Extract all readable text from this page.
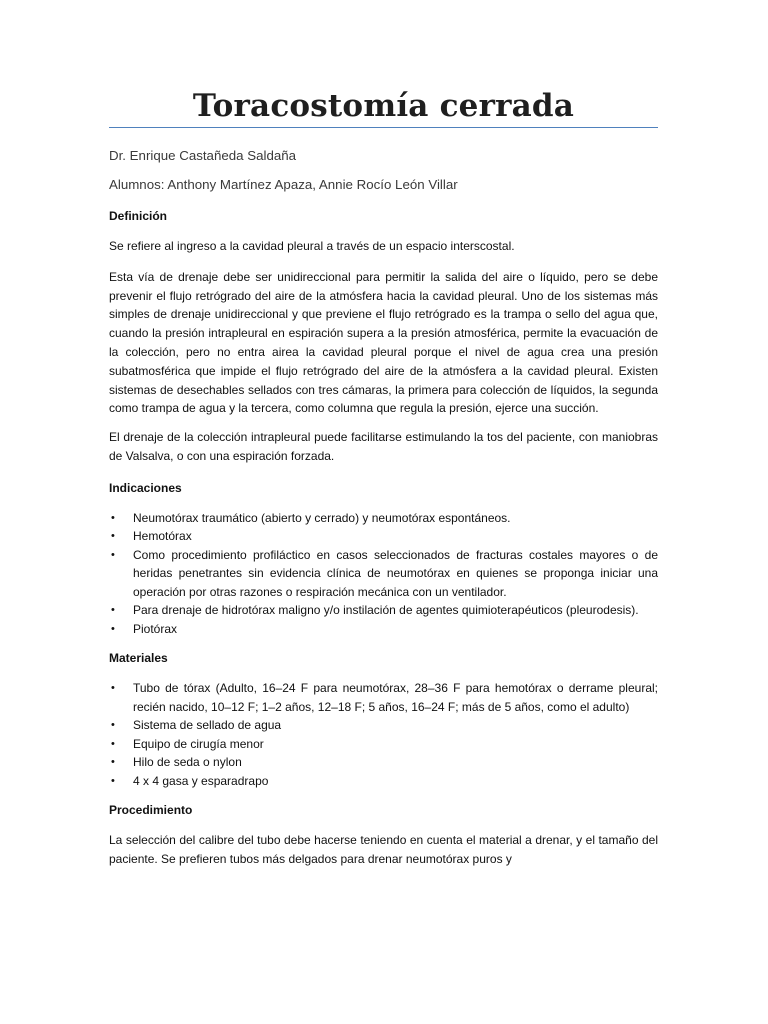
Toracostomía cerrada

Dr. Enrique Castañeda Saldaña

Alumnos: Anthony Martínez Apaza, Annie Rocío León Villar

Definición

Se refiere al ingreso a la cavidad pleural a través de un espacio interscostal.

Esta vía de drenaje debe ser unidireccional para permitir la salida del aire o líquido, pero se debe prevenir el flujo retrógrado del aire de la atmósfera hacia la cavidad pleural. Uno de los sistemas más simples de drenaje unidireccional y que previene el flujo retrógrado es la trampa o sello del agua que, cuando la presión intrapleural en espiración supera a la presión atmosférica, permite la evacuación de la colección, pero no entra airea la cavidad pleural porque el nivel de agua crea una presión subatmosférica que impide el flujo retrógrado del aire de la atmósfera a la cavidad pleural. Existen sistemas de desechables sellados con tres cámaras, la primera para colección de líquidos, la segunda como trampa de agua y la tercera, como columna que regula la presión, ejerce una succión.

El drenaje de la colección intrapleural puede facilitarse estimulando la tos del paciente, con maniobras de Valsalva, o con una espiración forzada.

Indicaciones
•	Neumotórax traumático (abierto y cerrado) y neumotórax espontáneos.
•	Hemotórax
•	Como procedimiento profiláctico en casos seleccionados de fracturas costales mayores o de heridas penetrantes sin evidencia clínica de neumotórax en quienes se proponga iniciar una operación por otras razones o respiración mecánica con un ventilador.
•	Para drenaje de hidrotórax maligno y/o instilación de agentes quimioterapéuticos (pleurodesis).
•	Piotórax
Materiales
•	Tubo de tórax (Adulto, 16–24 F para neumotórax, 28–36 F para hemotórax o derrame pleural; recién nacido, 10–12 F; 1–2 años, 12–18 F; 5 años, 16–24 F; más de 5 años, como el adulto)
•	Sistema de sellado de agua
•	Equipo de cirugía menor
•	Hilo de seda o nylon
•	4 x 4 gasa y esparadrapo
Procedimiento

La selección del calibre del tubo debe hacerse teniendo en cuenta el material a drenar, y el tamaño del paciente. Se prefieren tubos más delgados para drenar neumotórax puros y
